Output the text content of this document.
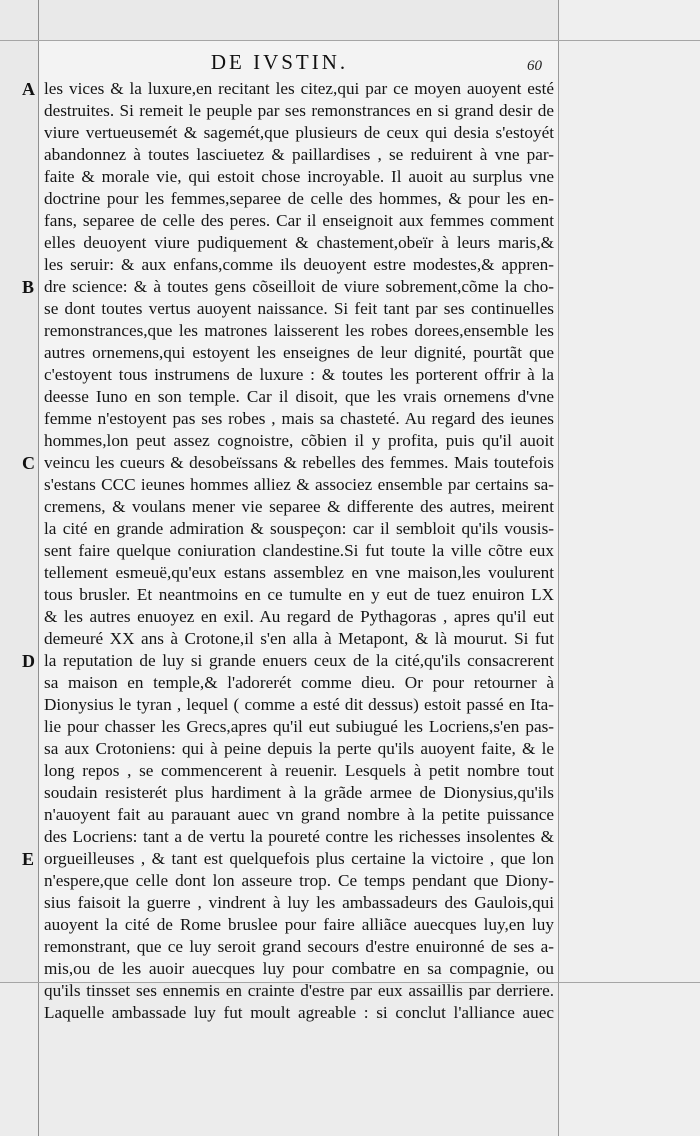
DE IVSTIN.	60
A
B
C
D
E
les vices & la luxure,en recitant les citez,qui par ce moyen auoyent esté
destruites. Si remeit le peuple par ses remonstrances en si grand desir de
viure vertueusemét & sagemét,que plusieurs de ceux qui desia s'estoyét
abandonnez à toutes lasciuetez & paillardises , se reduirent à vne par-
faite & morale vie, qui estoit chose incroyable. Il auoit au surplus vne
doctrine pour les femmes,separee de celle des hommes, & pour les en-
fans, separee de celle des peres. Car il enseignoit aux femmes comment
elles deuoyent viure pudiquement & chastement,obeïr à leurs maris,&
les seruir: & aux enfans,comme ils deuoyent estre modestes,& appren-
dre science: & à toutes gens cõseilloit de viure sobrement,cõme la cho-
se dont toutes vertus auoyent naissance. Si feit tant par ses continuelles
remonstrances,que les matrones laisserent les robes dorees,ensemble les
autres ornemens,qui estoyent les enseignes de leur dignité, pourtãt que
c'estoyent tous instrumens de luxure : & toutes les porterent offrir à la
deesse Iuno en son temple. Car il disoit, que les vrais ornemens d'vne
femme n'estoyent pas ses robes , mais sa chasteté. Au regard des ieunes
hommes,lon peut assez cognoistre, cõbien il y profita, puis qu'il auoit
veincu les cueurs & desobeïssans & rebelles des femmes. Mais toutefois
s'estans CCC ieunes hommes alliez & associez ensemble par certains sa-
cremens, & voulans mener vie separee & differente des autres, meirent
la cité en grande admiration & souspeçon: car il sembloit qu'ils vousis-
sent faire quelque coniuration clandestine.Si fut toute la ville cõtre eux
tellement esmeuë,qu'eux estans assemblez en vne maison,les voulurent
tous brusler. Et neantmoins en ce tumulte en y eut de tuez enuiron LX
& les autres enuoyez en exil. Au regard de Pythagoras , apres qu'il eut
demeuré XX ans à Crotone,il s'en alla à Metapont, & là mourut. Si fut
la reputation de luy si grande enuers ceux de la cité,qu'ils consacrerent
sa maison en temple,& l'adorerét comme dieu. Or pour retourner à
Dionysius le tyran , lequel ( comme a esté dit dessus) estoit passé en Ita-
lie pour chasser les Grecs,apres qu'il eut subiugué les Locriens,s'en pas-
sa aux Crotoniens: qui à peine depuis la perte qu'ils auoyent faite, & le
long repos , se commencerent à reuenir. Lesquels à petit nombre tout
soudain resisterét plus hardiment à la grãde armee de Dionysius,qu'ils
n'auoyent fait au parauant auec vn grand nombre à la petite puissance
des Locriens: tant a de vertu la poureté contre les richesses insolentes &
orgueilleuses , & tant est quelquefois plus certaine la victoire , que lon
n'espere,que celle dont lon asseure trop. Ce temps pendant que Diony-
sius faisoit la guerre , vindrent à luy les ambassadeurs des Gaulois,qui
auoyent la cité de Rome bruslee pour faire alliãce auecques luy,en luy
remonstrant, que ce luy seroit grand secours d'estre enuironné de ses a-
mis,ou de les auoir auecques luy pour combatre en sa compagnie, ou
qu'ils tinsset ses ennemis en crainte d'estre par eux assaillis par derriere.
Laquelle ambassade luy fut moult agreable : si conclut l'alliance auec
